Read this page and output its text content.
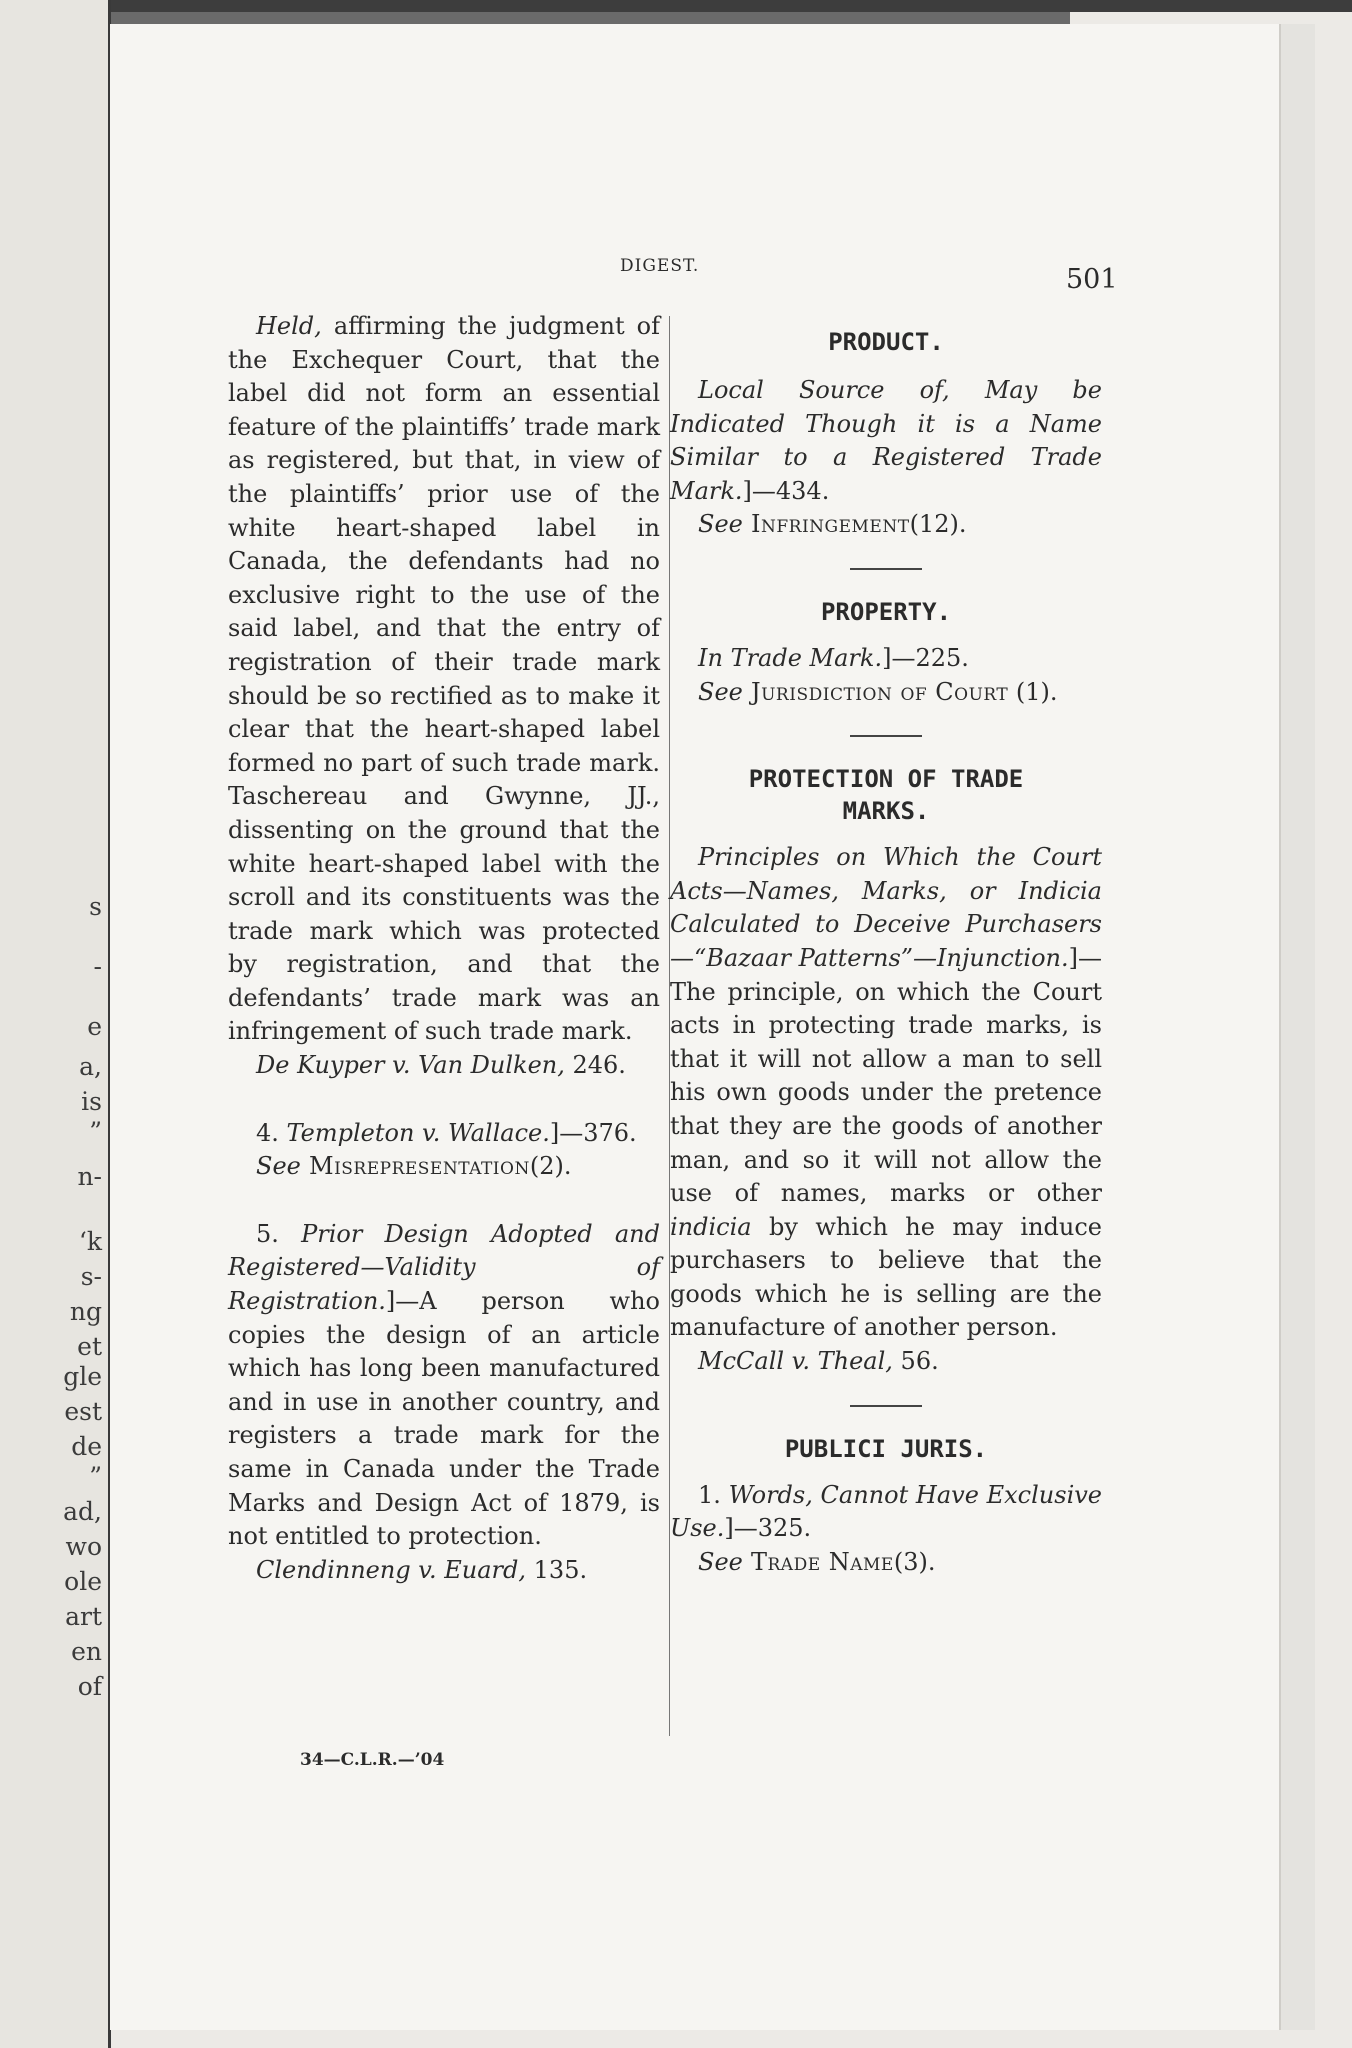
s
-
e
a,
is
”
n-
‘k
s-
ng
et
gle
est
de
”
ad,
wo
ole
art
en
of
DIGEST.	501

Held, affirming the judgment of the Exchequer Court, that the label did not form an essential feature of the plaintiffs’ trade mark as registered, but that, in view of the plaintiffs’ prior use of the white heart-shaped label in Canada, the defendants had no exclusive right to the use of the said label, and that the entry of registration of their trade mark should be so rectified as to make it clear that the heart-shaped label formed no part of such trade mark. Taschereau and Gwynne, JJ., dissenting on the ground that the white heart-shaped label with the scroll and its constituents was the trade mark which was protected by registration, and that the defendants’ trade mark was an infringement of such trade mark.

De Kuyper v. Van Dulken, 246.

4. Templeton v. Wallace.]—376.

See Misrepresentation(2).

5. Prior Design Adopted and Registered—Validity of Registration.]—A person who copies the design of an article which has long been manufactured and in use in another country, and registers a trade mark for the same in Canada under the Trade Marks and Design Act of 1879, is not entitled to protection.

Clendinneng v. Euard, 135.

34—C.L.R.—’04
PRODUCT.

Local Source of, May be Indicated Though it is a Name Similar to a Registered Trade Mark.]—434.

See Infringement(12).

PROPERTY.

In Trade Mark.]—225.

See Jurisdiction of Court (1).

PROTECTION OF TRADE
MARKS.

Principles on Which the Court Acts—Names, Marks, or Indicia Calculated to Deceive Purchasers—“Bazaar Patterns”—Injunction.]—The principle, on which the Court acts in protecting trade marks, is that it will not allow a man to sell his own goods under the pretence that they are the goods of another man, and so it will not allow the use of names, marks or other indicia by which he may induce purchasers to believe that the goods which he is selling are the manufacture of another person.

McCall v. Theal, 56.

PUBLICI JURIS.

1. Words, Cannot Have Exclusive Use.]—325.

See Trade Name(3).
